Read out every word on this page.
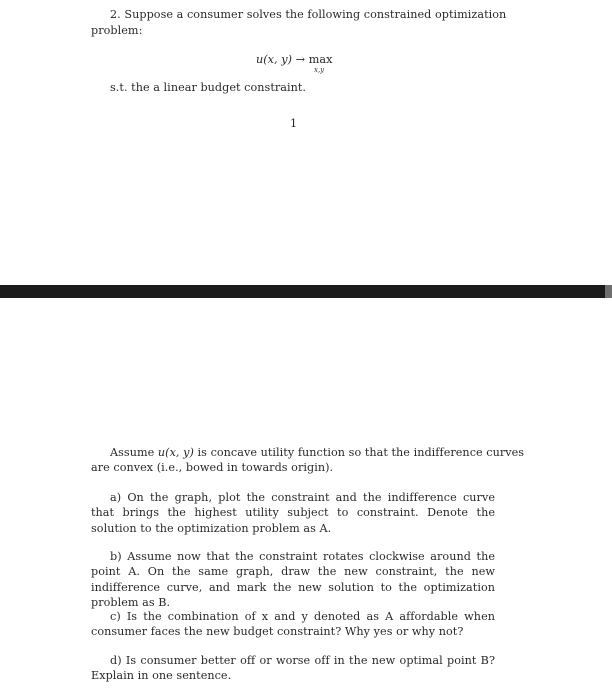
2. Suppose a consumer solves the following constrained optimization
problem:
u(x, y) → max
x,y
s.t. the a linear budget constraint.
1
Assume u(x, y) is concave utility function so that the indifference curves
are convex (i.e., bowed in towards origin).
a) On the graph, plot the constraint and the indifference curve that brings the highest utility subject to constraint. Denote the solution to the optimization problem as A.
b) Assume now that the constraint rotates clockwise around the point A. On the same graph, draw the new constraint, the new indifference curve, and mark the new solution to the optimization problem as B.
c) Is the combination of x and y denoted as A affordable when consumer faces the new budget constraint? Why yes or why not?
d) Is consumer better off or worse off in the new optimal point B? Explain in one sentence.
